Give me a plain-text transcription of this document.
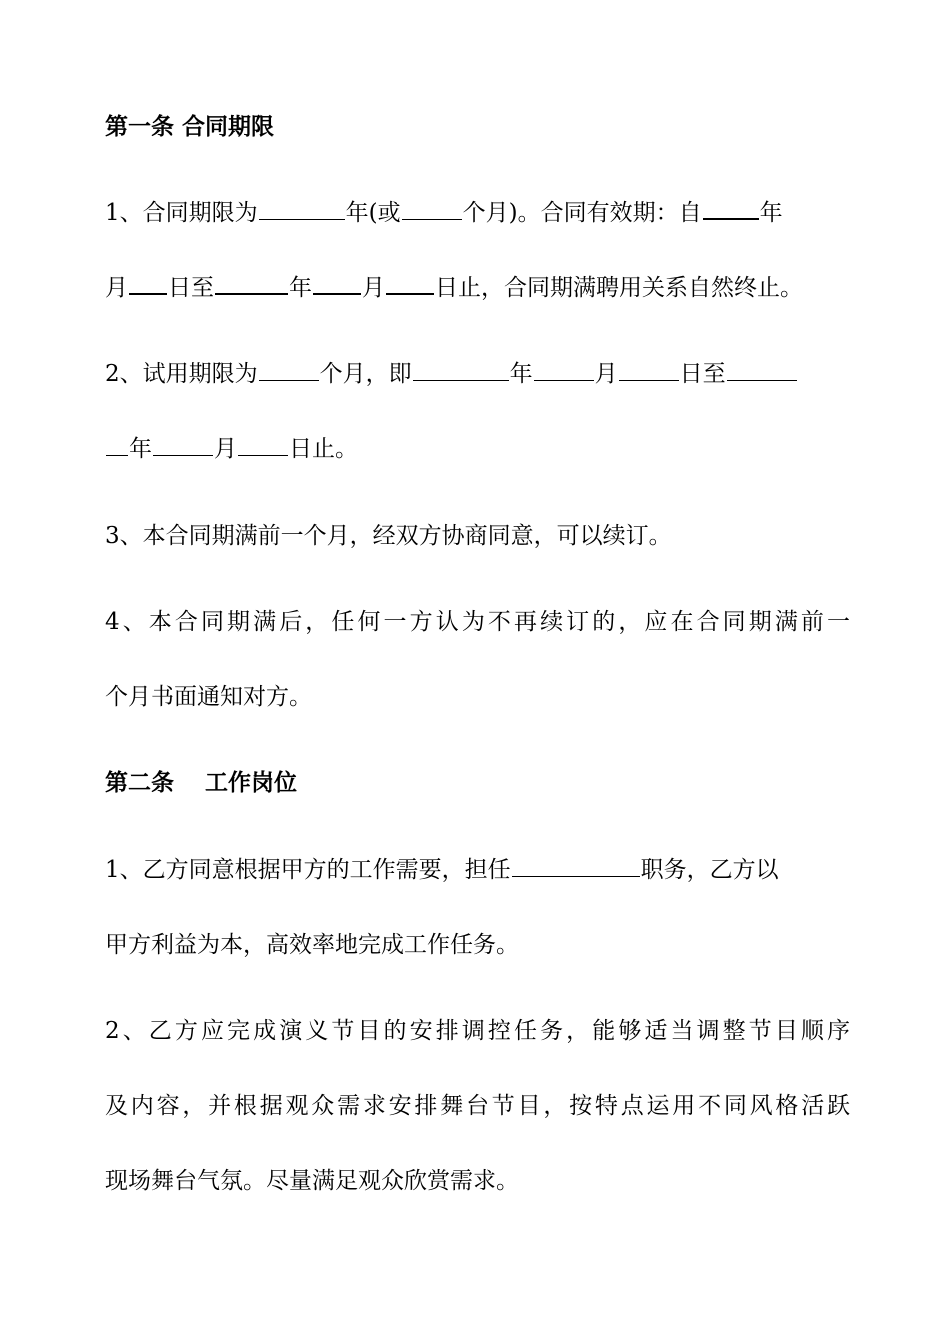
第一条 合同期限
1、合同期限为	年(或	个月)。合同有效期：自	年
月 日至	年 月 日止，合同期满聘用关系自然终止。
2、试用期限为	个月，即	年	月	日至
年	月 日止。
3、本合同期满前一个月，经双方协商同意，可以续订。
4、本合同期满后，任何一方认为不再续订的，应在合同期满前一
个月书面通知对方。
第二条　 工作岗位
1、乙方同意根据甲方的工作需要，担任	职务，乙方以
甲方利益为本，高效率地完成工作任务。
2、乙方应完成演义节目的安排调控任务，能够适当调整节目顺序
及内容，并根据观众需求安排舞台节目，按特点运用不同风格活跃
现场舞台气氛。尽量满足观众欣赏需求。
